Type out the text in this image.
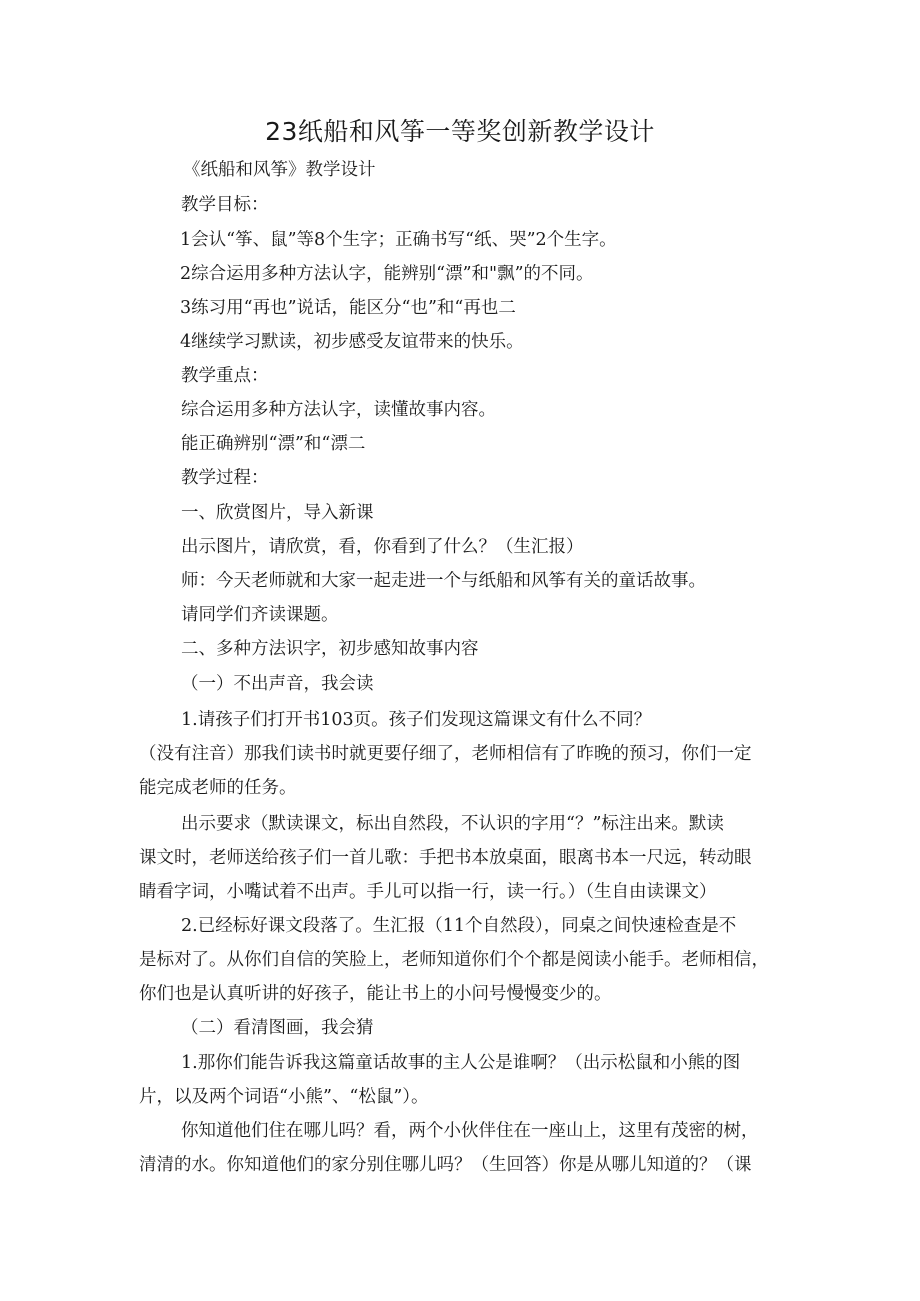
23纸船和风筝一等奖创新教学设计

《纸船和风筝》教学设计

教学目标：

1会认“筝、鼠”等8个生字；正确书写“纸、哭”2个生字。

2综合运用多种方法认字，能辨别“漂”和"飘”的不同。

3练习用“再也”说话，能区分“也”和“再也二

4继续学习默读，初步感受友谊带来的快乐。

教学重点：

综合运用多种方法认字，读懂故事内容。

能正确辨别“漂”和“漂二

教学过程：

一、欣赏图片，导入新课

出示图片，请欣赏，看，你看到了什么？（生汇报）

师：今天老师就和大家一起走进一个与纸船和风筝有关的童话故事。

请同学们齐读课题。

二、多种方法识字，初步感知故事内容

（一）不出声音，我会读

1.请孩子们打开书103页。孩子们发现这篇课文有什么不同？

（没有注音）那我们读书时就更要仔细了，老师相信有了昨晚的预习，你们一定

能完成老师的任务。

出示要求（默读课文，标出自然段，不认识的字用“？”标注出来。默读

课文时，老师送给孩子们一首儿歌：手把书本放桌面，眼离书本一尺远，转动眼

睛看字词，小嘴试着不出声。手儿可以指一行，读一行。）（生自由读课文）

2.已经标好课文段落了。生汇报（11个自然段），同桌之间快速检查是不

是标对了。从你们自信的笑脸上，老师知道你们个个都是阅读小能手。老师相信，

你们也是认真听讲的好孩子，能让书上的小问号慢慢变少的。

（二）看清图画，我会猜

1.那你们能告诉我这篇童话故事的主人公是谁啊？（出示松鼠和小熊的图

片，以及两个词语“小熊”、“松鼠”）。

你知道他们住在哪儿吗？看，两个小伙伴住在一座山上，这里有茂密的树，

清清的水。你知道他们的家分别住哪儿吗？（生回答）你是从哪儿知道的？（课
